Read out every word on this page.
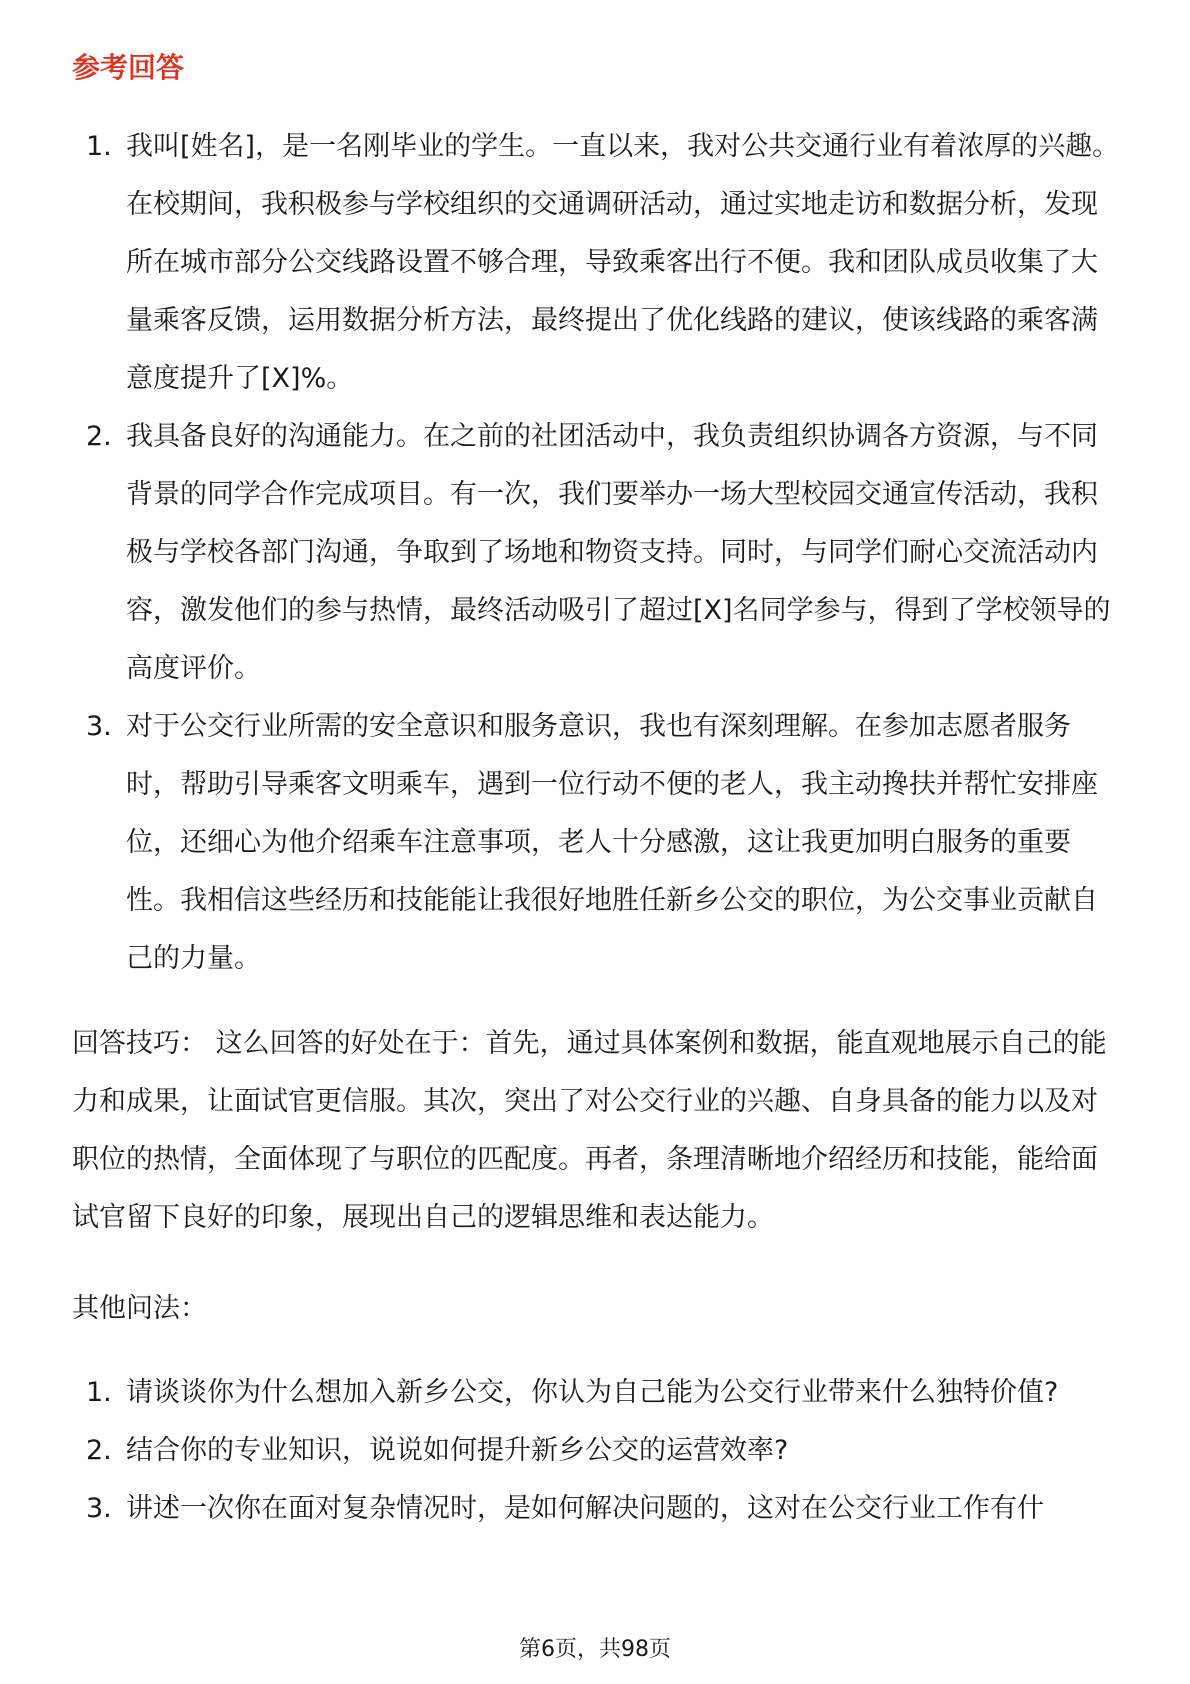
参考回答
1. 我叫[姓名]，是一名刚毕业的学生。一直以来，我对公共交通行业有着浓厚的兴趣。在校期间，我积极参与学校组织的交通调研活动，通过实地走访和数据分析，发现所在城市部分公交线路设置不够合理，导致乘客出行不便。我和团队成员收集了大量乘客反馈，运用数据分析方法，最终提出了优化线路的建议，使该线路的乘客满意度提升了[X]%。
2. 我具备良好的沟通能力。在之前的社团活动中，我负责组织协调各方资源，与不同背景的同学合作完成项目。有一次，我们要举办一场大型校园交通宣传活动，我积极与学校各部门沟通，争取到了场地和物资支持。同时，与同学们耐心交流活动内容，激发他们的参与热情，最终活动吸引了超过[X]名同学参与，得到了学校领导的高度评价。
3. 对于公交行业所需的安全意识和服务意识，我也有深刻理解。在参加志愿者服务时，帮助引导乘客文明乘车，遇到一位行动不便的老人，我主动搀扶并帮忙安排座位，还细心为他介绍乘车注意事项，老人十分感激，这让我更加明白服务的重要性。我相信这些经历和技能能让我很好地胜任新乡公交的职位，为公交事业贡献自己的力量。

回答技巧： 这么回答的好处在于：首先，通过具体案例和数据，能直观地展示自己的能力和成果，让面试官更信服。其次，突出了对公交行业的兴趣、自身具备的能力以及对职位的热情，全面体现了与职位的匹配度。再者，条理清晰地介绍经历和技能，能给面试官留下良好的印象，展现出自己的逻辑思维和表达能力。

其他问法：

1. 请谈谈你为什么想加入新乡公交，你认为自己能为公交行业带来什么独特价值?
2. 结合你的专业知识，说说如何提升新乡公交的运营效率?
3. 讲述一次你在面对复杂情况时，是如何解决问题的，这对在公交行业工作有什
第6页，共98页
